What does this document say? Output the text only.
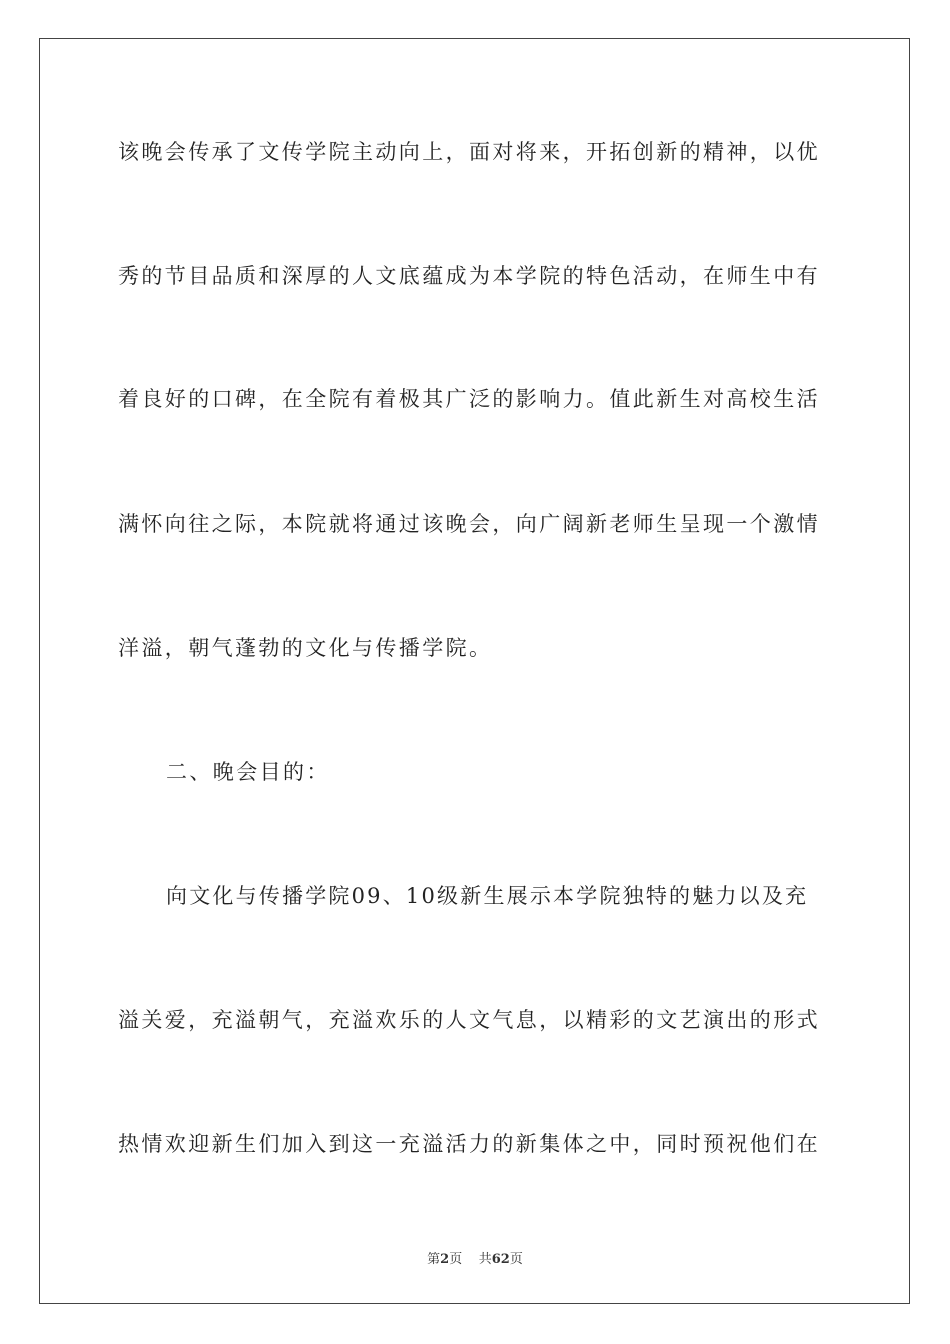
该晚会传承了文传学院主动向上，面对将来，开拓创新的精神，以优
秀的节目品质和深厚的人文底蕴成为本学院的特色活动，在师生中有
着良好的口碑，在全院有着极其广泛的影响力。值此新生对高校生活
满怀向往之际，本院就将通过该晚会，向广阔新老师生呈现一个激情
洋溢，朝气蓬勃的文化与传播学院。
二、晚会目的：
向文化与传播学院09、10级新生展示本学院独特的魅力以及充
溢关爱，充溢朝气，充溢欢乐的人文气息，以精彩的文艺演出的形式
热情欢迎新生们加入到这一充溢活力的新集体之中，同时预祝他们在
第2页 共62页
